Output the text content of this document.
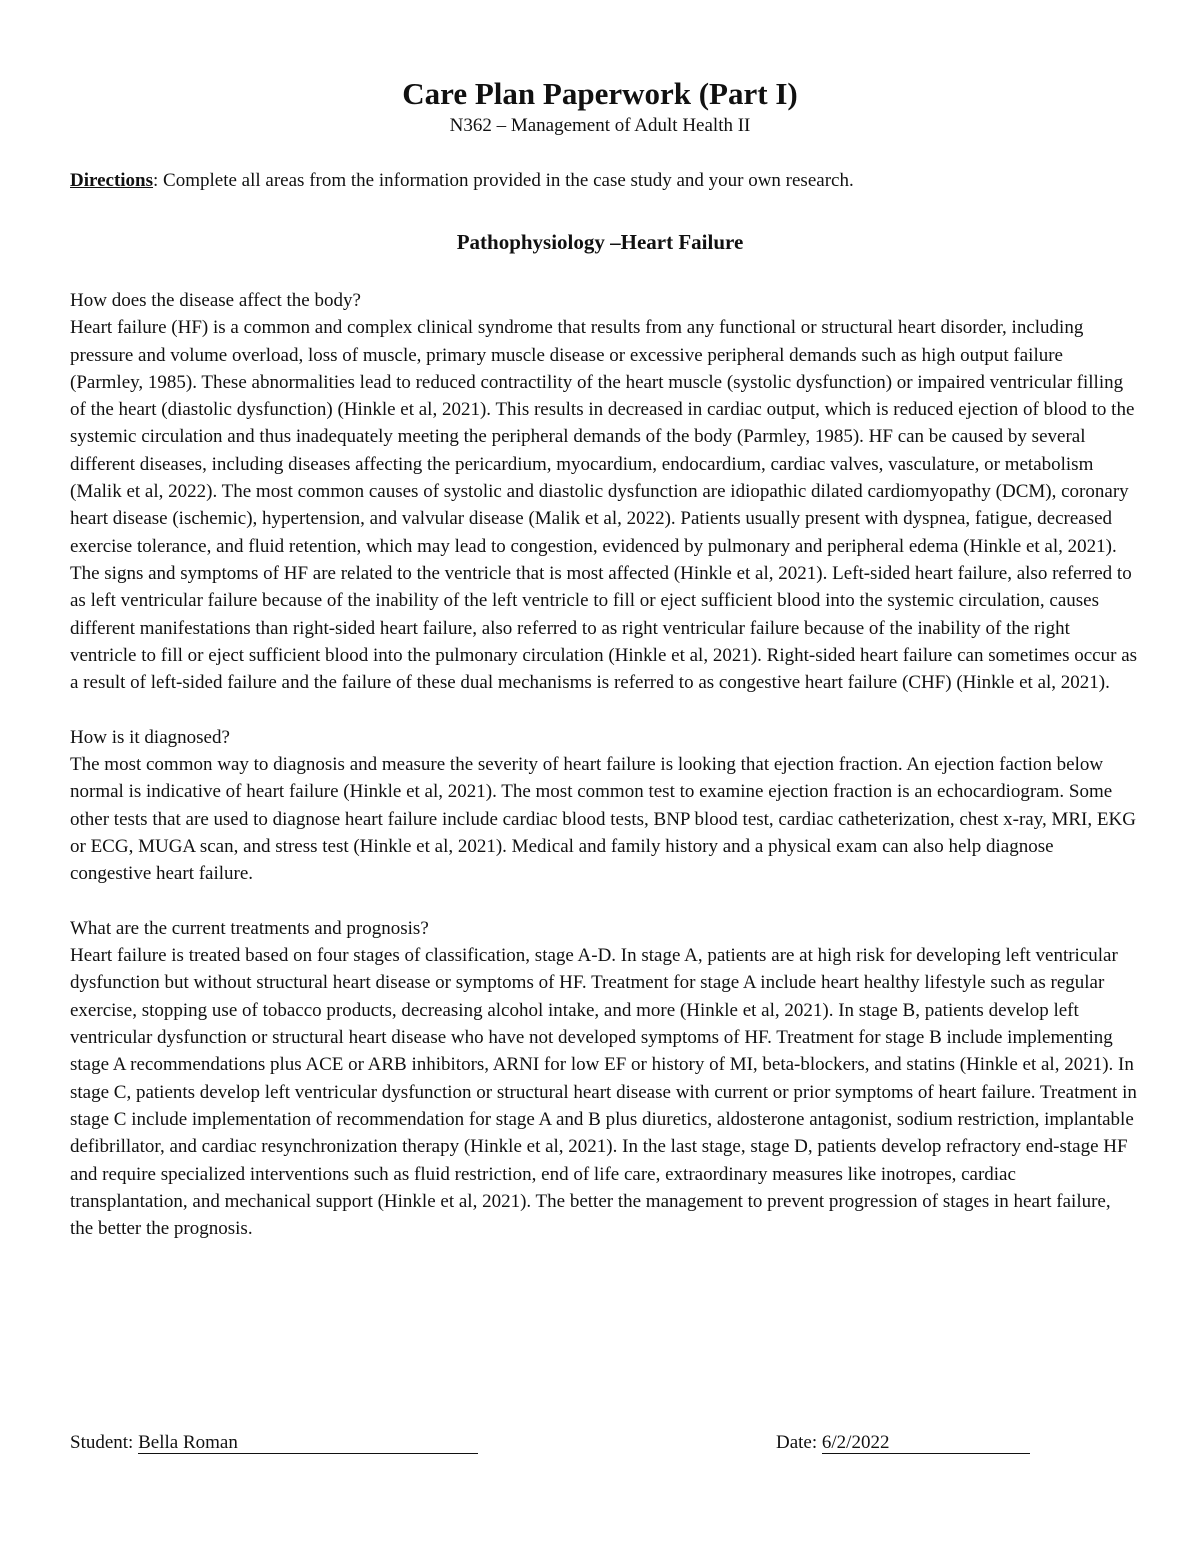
Care Plan Paperwork (Part I)
N362 – Management of Adult Health II
Directions: Complete all areas from the information provided in the case study and your own research.
Pathophysiology –Heart Failure

How does the disease affect the body?

Heart failure (HF) is a common and complex clinical syndrome that results from any functional or structural heart disorder, including pressure and volume overload, loss of muscle, primary muscle disease or excessive peripheral demands such as high output failure (Parmley, 1985). These abnormalities lead to reduced contractility of the heart muscle (systolic dysfunction) or impaired ventricular filling of the heart (diastolic dysfunction) (Hinkle et al, 2021). This results in decreased in cardiac output, which is reduced ejection of blood to the systemic circulation and thus inadequately meeting the peripheral demands of the body (Parmley, 1985). HF can be caused by several different diseases, including diseases affecting the pericardium, myocardium, endocardium, cardiac valves, vasculature, or metabolism (Malik et al, 2022). The most common causes of systolic and diastolic dysfunction are idiopathic dilated cardiomyopathy (DCM), coronary heart disease (ischemic), hypertension, and valvular disease (Malik et al, 2022). Patients usually present with dyspnea, fatigue, decreased exercise tolerance, and fluid retention, which may lead to congestion, evidenced by pulmonary and peripheral edema (Hinkle et al, 2021). The signs and symptoms of HF are related to the ventricle that is most affected (Hinkle et al, 2021). Left-sided heart failure, also referred to as left ventricular failure because of the inability of the left ventricle to fill or eject sufficient blood into the systemic circulation, causes different manifestations than right-sided heart failure, also referred to as right ventricular failure because of the inability of the right ventricle to fill or eject sufficient blood into the pulmonary circulation (Hinkle et al, 2021). Right-sided heart failure can sometimes occur as a result of left-sided failure and the failure of these dual mechanisms is referred to as congestive heart failure (CHF) (Hinkle et al, 2021).

How is it diagnosed?

The most common way to diagnosis and measure the severity of heart failure is looking that ejection fraction. An ejection faction below normal is indicative of heart failure (Hinkle et al, 2021). The most common test to examine ejection fraction is an echocardiogram. Some other tests that are used to diagnose heart failure include cardiac blood tests, BNP blood test, cardiac catheterization, chest x-ray, MRI, EKG or ECG, MUGA scan, and stress test (Hinkle et al, 2021). Medical and family history and a physical exam can also help diagnose congestive heart failure.

What are the current treatments and prognosis?

Heart failure is treated based on four stages of classification, stage A-D. In stage A, patients are at high risk for developing left ventricular dysfunction but without structural heart disease or symptoms of HF. Treatment for stage A include heart healthy lifestyle such as regular exercise, stopping use of tobacco products, decreasing alcohol intake, and more (Hinkle et al, 2021). In stage B, patients develop left ventricular dysfunction or structural heart disease who have not developed symptoms of HF. Treatment for stage B include implementing stage A recommendations plus ACE or ARB inhibitors, ARNI for low EF or history of MI, beta-blockers, and statins (Hinkle et al, 2021). In stage C, patients develop left ventricular dysfunction or structural heart disease with current or prior symptoms of heart failure. Treatment in stage C include implementation of recommendation for stage A and B plus diuretics, aldosterone antagonist, sodium restriction, implantable defibrillator, and cardiac resynchronization therapy (Hinkle et al, 2021). In the last stage, stage D, patients develop refractory end-stage HF and require specialized interventions such as fluid restriction, end of life care, extraordinary measures like inotropes, cardiac transplantation, and mechanical support (Hinkle et al, 2021). The better the management to prevent progression of stages in heart failure, the better the prognosis.

Student: Bella Roman	Date: 6/2/2022
